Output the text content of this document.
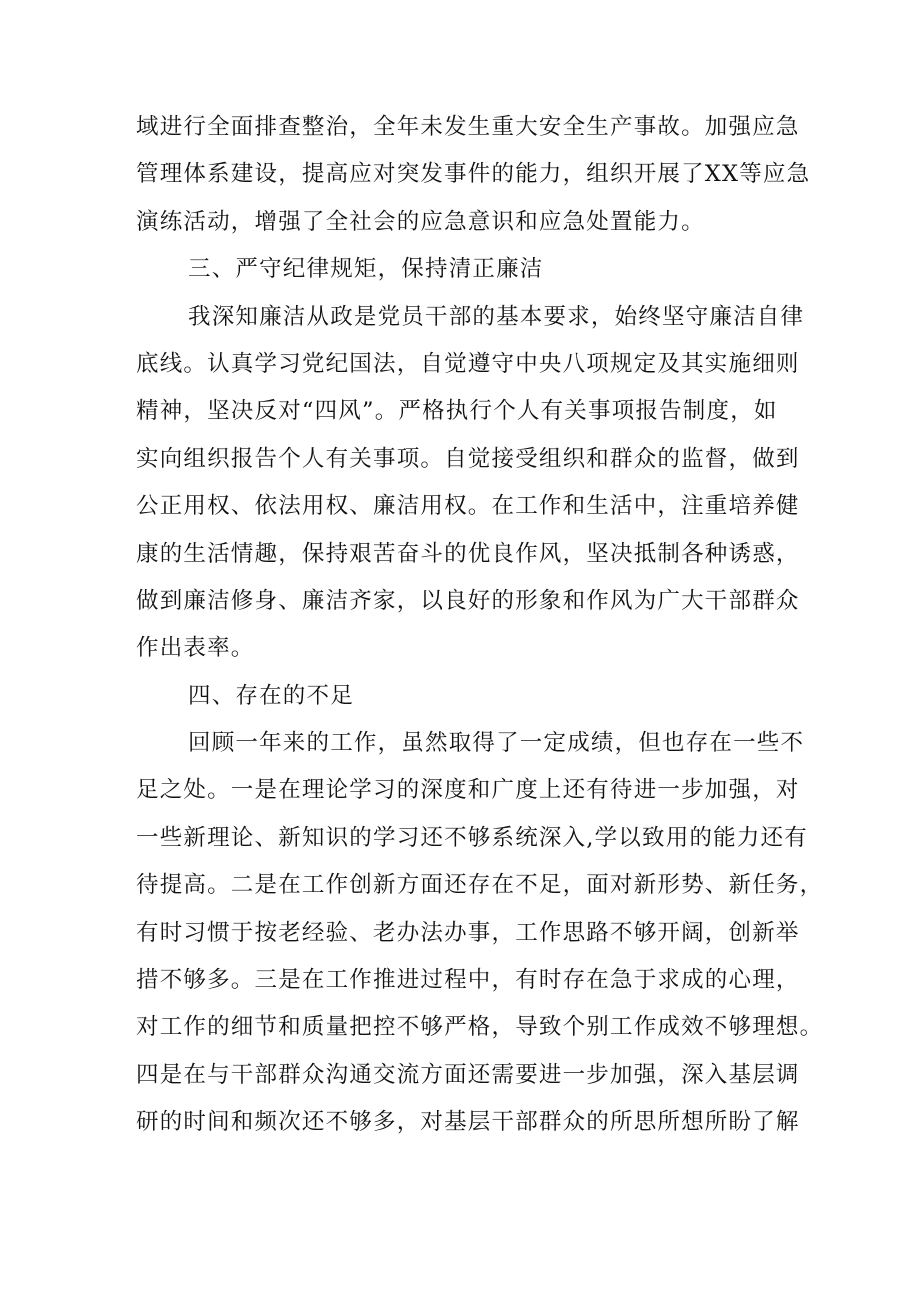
域进行全面排查整治，全年未发生重大安全生产事故。加强应急
管理体系建设，提高应对突发事件的能力，组织开展了XX等应急
演练活动，增强了全社会的应急意识和应急处置能力。
三、严守纪律规矩，保持清正廉洁
我深知廉洁从政是党员干部的基本要求，始终坚守廉洁自律
底线。认真学习党纪国法，自觉遵守中央八项规定及其实施细则
精神，坚决反对“四风”。严格执行个人有关事项报告制度，如
实向组织报告个人有关事项。自觉接受组织和群众的监督，做到
公正用权、依法用权、廉洁用权。在工作和生活中，注重培养健
康的生活情趣，保持艰苦奋斗的优良作风，坚决抵制各种诱惑，
做到廉洁修身、廉洁齐家，以良好的形象和作风为广大干部群众
作出表率。
四、存在的不足
回顾一年来的工作，虽然取得了一定成绩，但也存在一些不
足之处。一是在理论学习的深度和广度上还有待进一步加强，对
一些新理论、新知识的学习还不够系统深入,学以致用的能力还有
待提高。二是在工作创新方面还存在不足，面对新形势、新任务，
有时习惯于按老经验、老办法办事，工作思路不够开阔，创新举
措不够多。三是在工作推进过程中，有时存在急于求成的心理，
对工作的细节和质量把控不够严格，导致个别工作成效不够理想。
四是在与干部群众沟通交流方面还需要进一步加强，深入基层调
研的时间和频次还不够多，对基层干部群众的所思所想所盼了解
